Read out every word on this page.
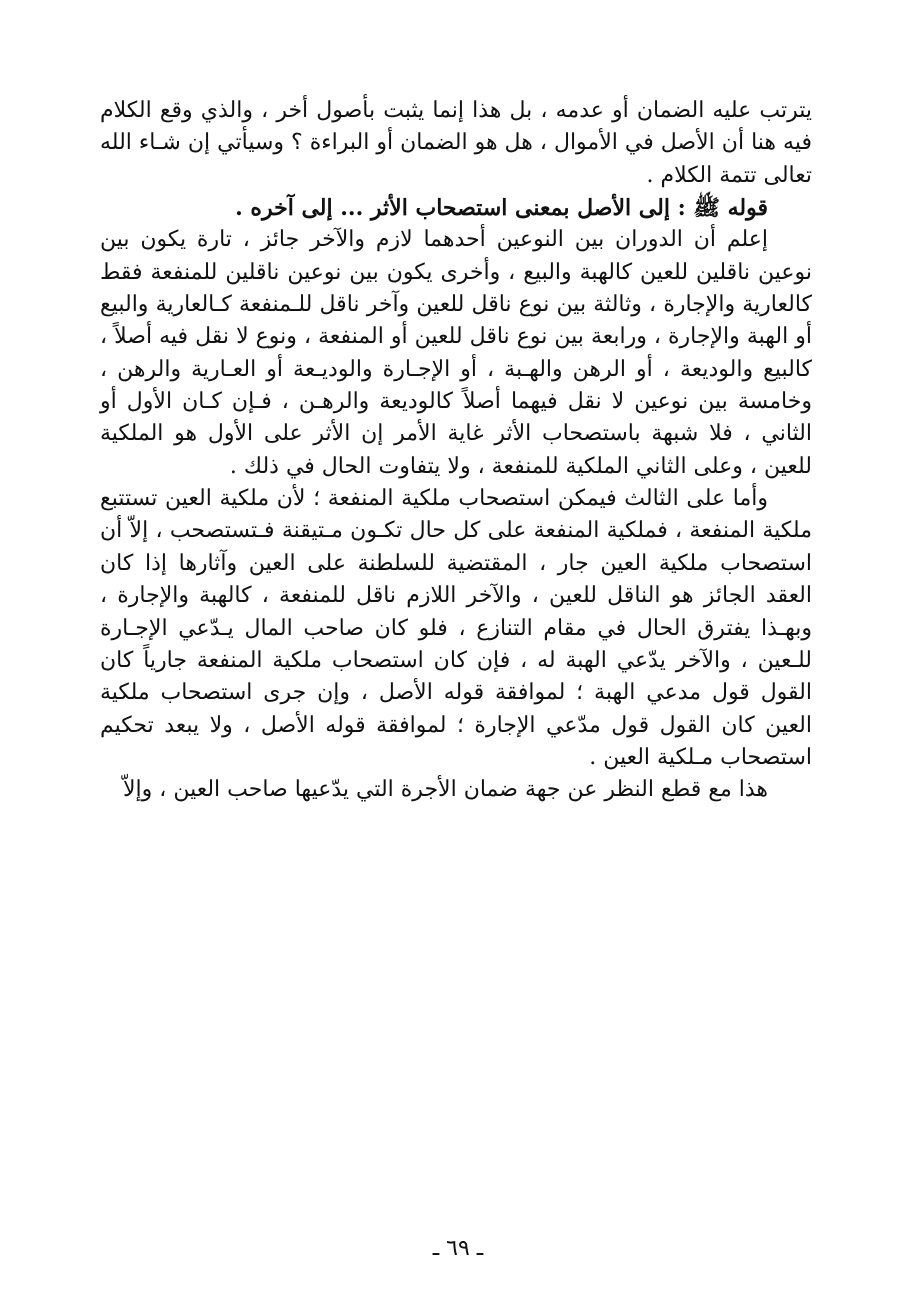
يترتب عليه الضمان أو عدمه ، بل هذا إنما يثبت بأصول أخر ، والذي وقع الكلام فيه هنا أن الأصل في الأموال ، هل هو الضمان أو البراءة ؟ وسيأتي إن شـاء الله تعالى تتمة الكلام .

قوله ﷺ : إلى الأصل بمعنى استصحاب الأثر ... إلى آخره .

إعلم أن الدوران بين النوعين أحدهما لازم والآخر جائز ، تارة يكون بين نوعين ناقلين للعين كالهبة والبيع ، وأخرى يكون بين نوعين ناقلين للمنفعة فقط كالعارية والإجارة ، وثالثة بين نوع ناقل للعين وآخر ناقل للـمنفعة كـالعارية والبيع أو الهبة والإجارة ، ورابعة بين نوع ناقل للعين أو المنفعة ، ونوع لا نقل فيه أصلاً ، كالبيع والوديعة ، أو الرهن والهـبة ، أو الإجـارة والوديـعة أو العـارية والرهن ، وخامسة بين نوعين لا نقل فيهما أصلاً كالوديعة والرهـن ، فـإن كـان الأول أو الثاني ، فلا شبهة باستصحاب الأثر غاية الأمر إن الأثر على الأول هو الملكية للعين ، وعلى الثاني الملكية للمنفعة ، ولا يتفاوت الحال في ذلك .

وأما على الثالث فيمكن استصحاب ملكية المنفعة ؛ لأن ملكية العين تستتبع ملكية المنفعة ، فملكية المنفعة على كل حال تكـون مـتيقنة فـتستصحب ، إلاّ أن استصحاب ملكية العين جار ، المقتضية للسلطنة على العين وآثارها إذا كان العقد الجائز هو الناقل للعين ، والآخر اللازم ناقل للمنفعة ، كالهبة والإجارة ، وبهـذا يفترق الحال في مقام التنازع ، فلو كان صاحب المال يـدّعي الإجـارة للـعين ، والآخر يدّعي الهبة له ، فإن كان استصحاب ملكية المنفعة جارياً كان القول قول مدعي الهبة ؛ لموافقة قوله الأصل ، وإن جرى استصحاب ملكية العين كان القول قول مدّعي الإجارة ؛ لموافقة قوله الأصل ، ولا يبعد تحكيم استصحاب مـلكية العين .

هذا مع قطع النظر عن جهة ضمان الأجرة التي يدّعيها صاحب العين ، وإلاّ

ـ ٦٩ ـ
